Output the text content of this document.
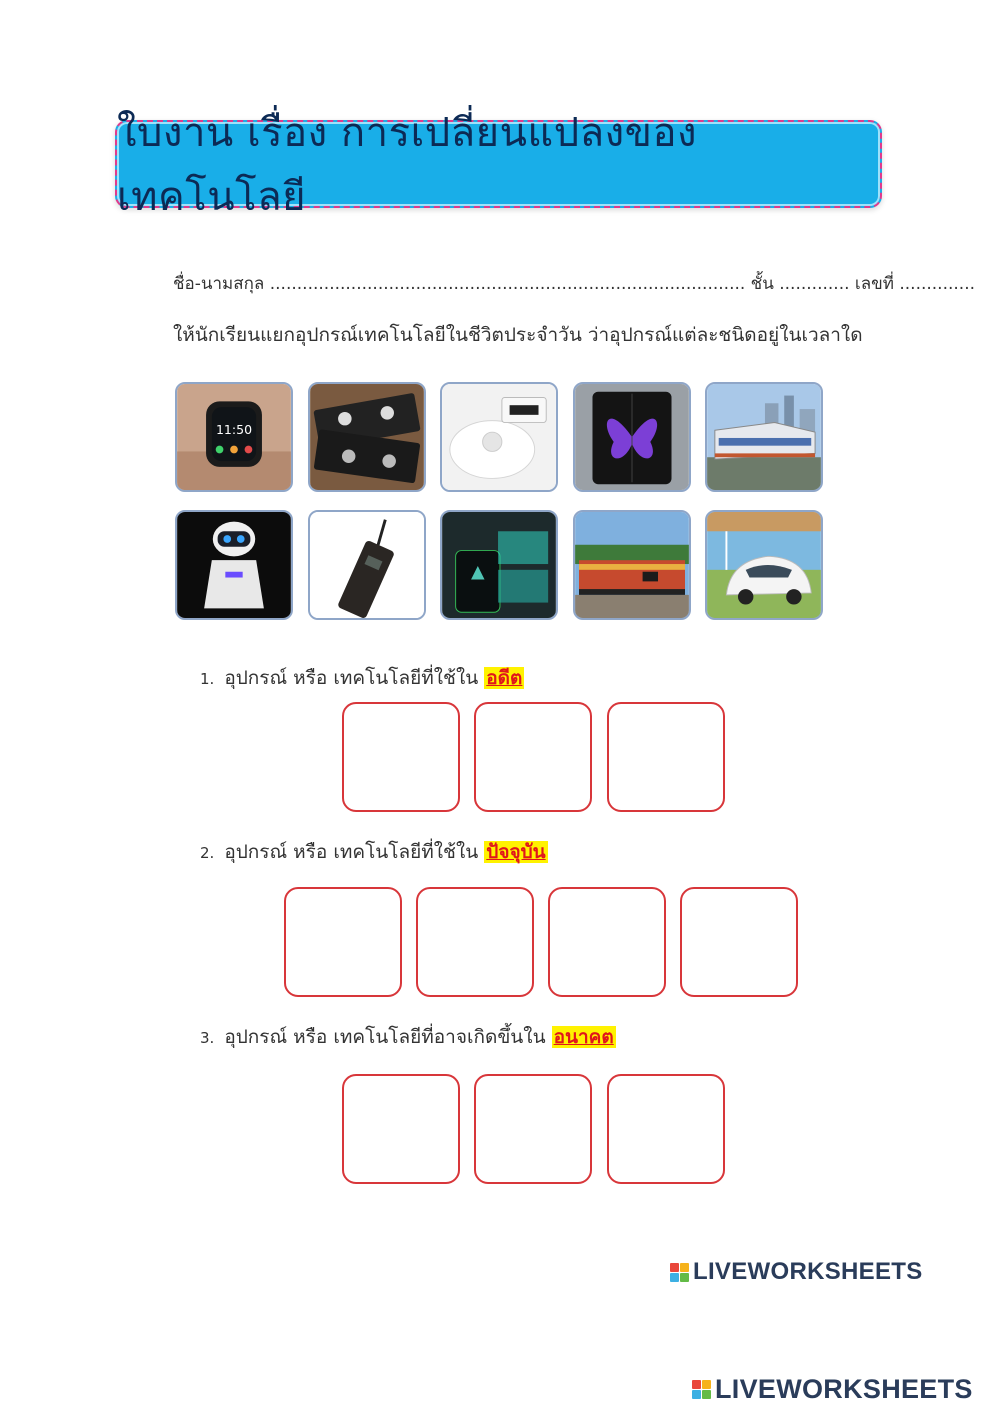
ใบงาน เรื่อง การเปลี่ยนแปลงของเทคโนโลยี
ชื่อ-นามสกุล ........................................................................................ ชั้น ............. เลขที่ ..............
ให้นักเรียนแยกอุปกรณ์เทคโนโลยีในชีวิตประจำวัน ว่าอุปกรณ์แต่ละชนิดอยู่ในเวลาใด
11:50
1. อุปกรณ์ หรือ เทคโนโลยีที่ใช้ใน อดีต
2. อุปกรณ์ หรือ เทคโนโลยีที่ใช้ใน ปัจจุบัน
3. อุปกรณ์ หรือ เทคโนโลยีที่อาจเกิดขึ้นใน อนาคต
LIVEWORKSHEETS
LIVEWORKSHEETS
